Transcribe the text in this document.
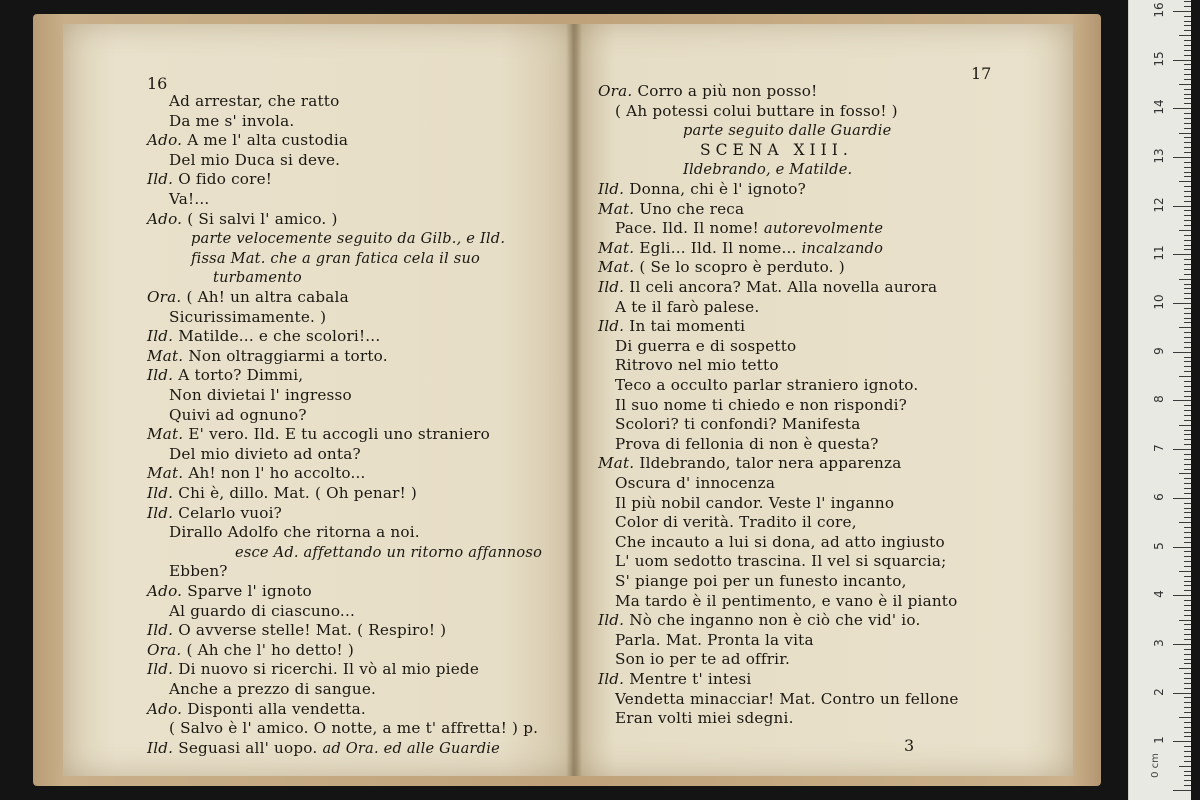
16
Ad arrestar, che ratto
Da me s' invola.
Ado. A me l' alta custodia
Del mio Duca si deve.
Ild. O fido core!
Va!...
Ado. ( Si salvi l' amico. )
parte velocemente seguito da Gilb., e Ild.
fissa Mat. che a gran fatica cela il suo
turbamento
Ora. ( Ah! un altra cabala
Sicurissimamente. )
Ild. Matilde... e che scolori!...
Mat. Non oltraggiarmi a torto.
Ild. A torto? Dimmi,
Non divietai l' ingresso
Quivi ad ognuno?
Mat. E' vero. Ild. E tu accogli uno straniero
Del mio divieto ad onta?
Mat. Ah! non l' ho accolto...
Ild. Chi è, dillo. Mat. ( Oh penar! )
Ild. Celarlo vuoi?
Dirallo Adolfo che ritorna a noi.
esce Ad. affettando un ritorno affannoso
Ebben?
Ado. Sparve l' ignoto
Al guardo di ciascuno...
Ild. O avverse stelle! Mat. ( Respiro! )
Ora. ( Ah che l' ho detto! )
Ild. Di nuovo si ricerchi. Il vò al mio piede
Anche a prezzo di sangue.
Ado. Disponti alla vendetta.
( Salvo è l' amico. O notte, a me t' affretta! ) p.
Ild. Seguasi all' uopo. ad Ora. ed alle Guardie
17
3
Ora. Corro a più non posso!
( Ah potessi colui buttare in fosso! )
parte seguito dalle Guardie
SCENA XIII.
Ildebrando, e Matilde.
Ild. Donna, chi è l' ignoto?
Mat. Uno che reca
Pace. Ild. Il nome! autorevolmente
Mat. Egli... Ild. Il nome... incalzando
Mat. ( Se lo scopro è perduto. )
Ild. Il celi ancora? Mat. Alla novella aurora
A te il farò palese.
Ild. In tai momenti
Di guerra e di sospetto
Ritrovo nel mio tetto
Teco a occulto parlar straniero ignoto.
Il suo nome ti chiedo e non rispondi?
Scolori? ti confondi? Manifesta
Prova di fellonia di non è questa?
Mat. Ildebrando, talor nera apparenza
Oscura d' innocenza
Il più nobil candor. Veste l' inganno
Color di verità. Tradito il core,
Che incauto a lui si dona, ad atto ingiusto
L' uom sedotto trascina. Il vel si squarcia;
S' piange poi per un funesto incanto,
Ma tardo è il pentimento, e vano è il pianto
Ild. Nò che inganno non è ciò che vid' io.
Parla. Mat. Pronta la vita
Son io per te ad offrir.
Ild. Mentre t' intesi
Vendetta minacciar! Mat. Contro un fellone
Eran volti miei sdegni.
0 cm
1
2
3
4
5
6
7
8
9
10
11
12
13
14
15
16
